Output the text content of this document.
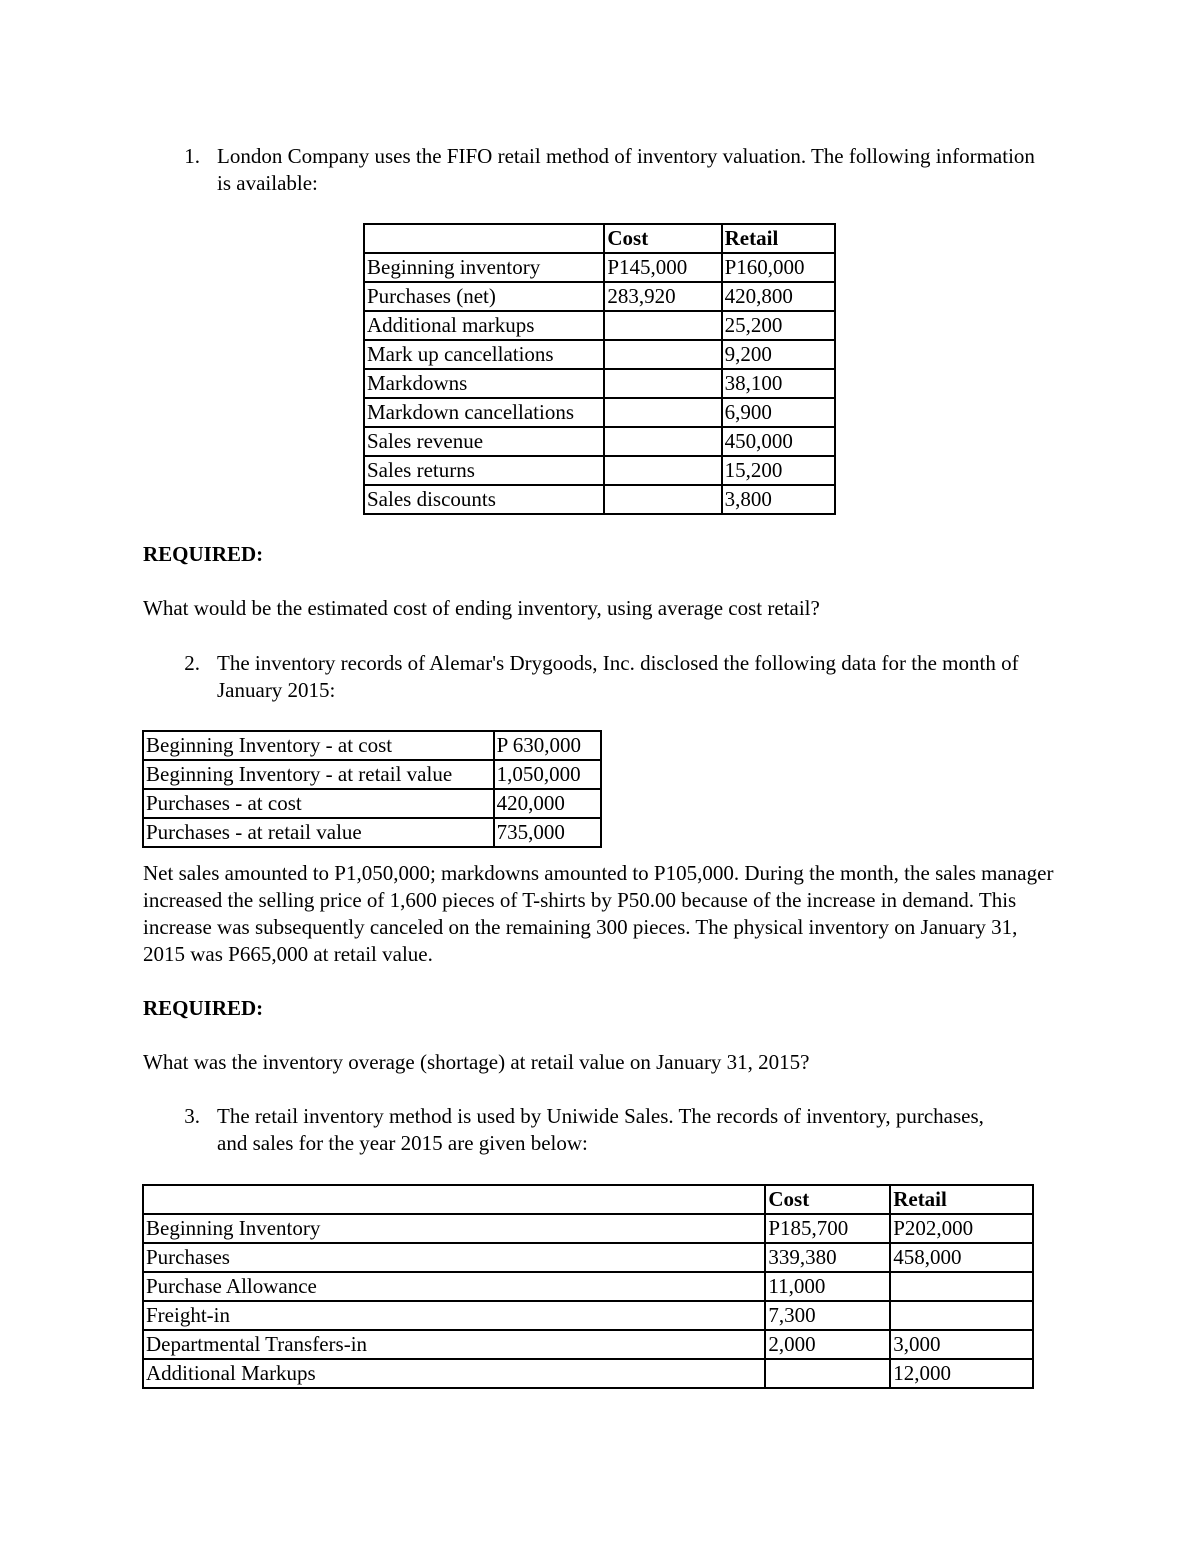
1. London Company uses the FIFO retail method of inventory valuation. The following information is available:
	Cost	Retail
Beginning inventory	P145,000	P160,000
Purchases (net)	283,920	420,800
Additional markups		25,200
Mark up cancellations		9,200
Markdowns		38,100
Markdown cancellations		6,900
Sales revenue		450,000
Sales returns		15,200
Sales discounts		3,800
REQUIRED:
What would be the estimated cost of ending inventory, using average cost retail?
2. The inventory records of Alemar's Drygoods, Inc. disclosed the following data for the month of January 2015:
Beginning Inventory - at cost	P 630,000
Beginning Inventory - at retail value	1,050,000
Purchases - at cost	420,000
Purchases - at retail value	735,000
Net sales amounted to P1,050,000; markdowns amounted to P105,000. During the month, the sales manager increased the selling price of 1,600 pieces of T-shirts by P50.00 because of the increase in demand. This increase was subsequently canceled on the remaining 300 pieces. The physical inventory on January 31, 2015 was P665,000 at retail value.
REQUIRED:
What was the inventory overage (shortage) at retail value on January 31, 2015?
3. The retail inventory method is used by Uniwide Sales. The records of inventory, purchases, and sales for the year 2015 are given below:
	Cost	Retail
Beginning Inventory	P185,700	P202,000
Purchases	339,380	458,000
Purchase Allowance	11,000	
Freight-in	7,300	
Departmental Transfers-in	2,000	3,000
Additional Markups		12,000
